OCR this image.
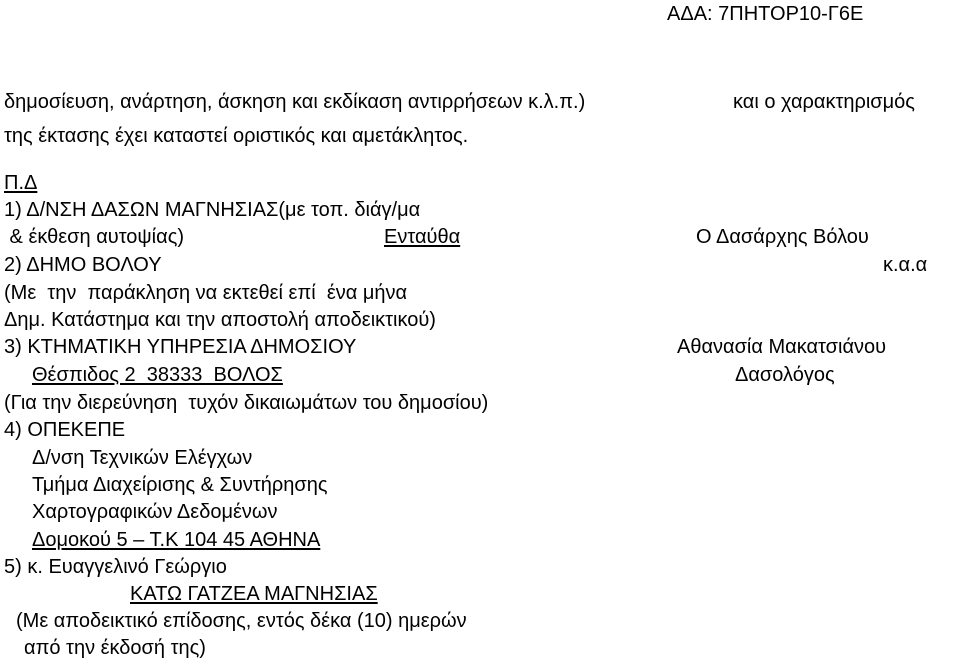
ΑΔΑ: 7ΠΗΤΟΡ10-Γ6Ε

δημοσίευση, ανάρτηση, άσκηση και εκδίκαση αντιρρήσεων κ.λ.π.)	και ο χαρακτηρισμός

της έκτασης έχει καταστεί οριστικός και αμετάκλητος.

Π.Δ

1) Δ/ΝΣΗ ΔΑΣΩΝ ΜΑΓΝΗΣΙΑΣ(με τοπ. διάγ/μα

& έκθεση αυτοψίας)	Ενταύθα	Ο Δασάρχης Βόλου

2) ΔΗΜΟ ΒΟΛΟΥ	κ.α.α

(Με  την  παράκληση να εκτεθεί επί  ένα μήνα

Δημ. Κατάστημα και την αποστολή αποδεικτικού)

3) ΚΤΗΜΑΤΙΚΗ ΥΠΗΡΕΣΙΑ ΔΗΜΟΣΙΟΥ	Αθανασία Μακατσιάνου

Θέσπιδος 2  38333  ΒΟΛΟΣ	Δασολόγος

(Για την διερεύνηση  τυχόν δικαιωμάτων του δημοσίου)

4) ΟΠΕΚΕΠΕ

Δ/νση Τεχνικών Ελέγχων

Τμήμα Διαχείρισης & Συντήρησης

Χαρτογραφικών Δεδομένων

Δομοκού 5 – Τ.Κ 104 45 ΑΘΗΝΑ

5) κ. Ευαγγελινό Γεώργιο

ΚΑΤΩ ΓΑΤΖΕΑ ΜΑΓΝΗΣΙΑΣ

(Με αποδεικτικό επίδοσης, εντός δέκα (10) ημερών

από την έκδοσή της)
